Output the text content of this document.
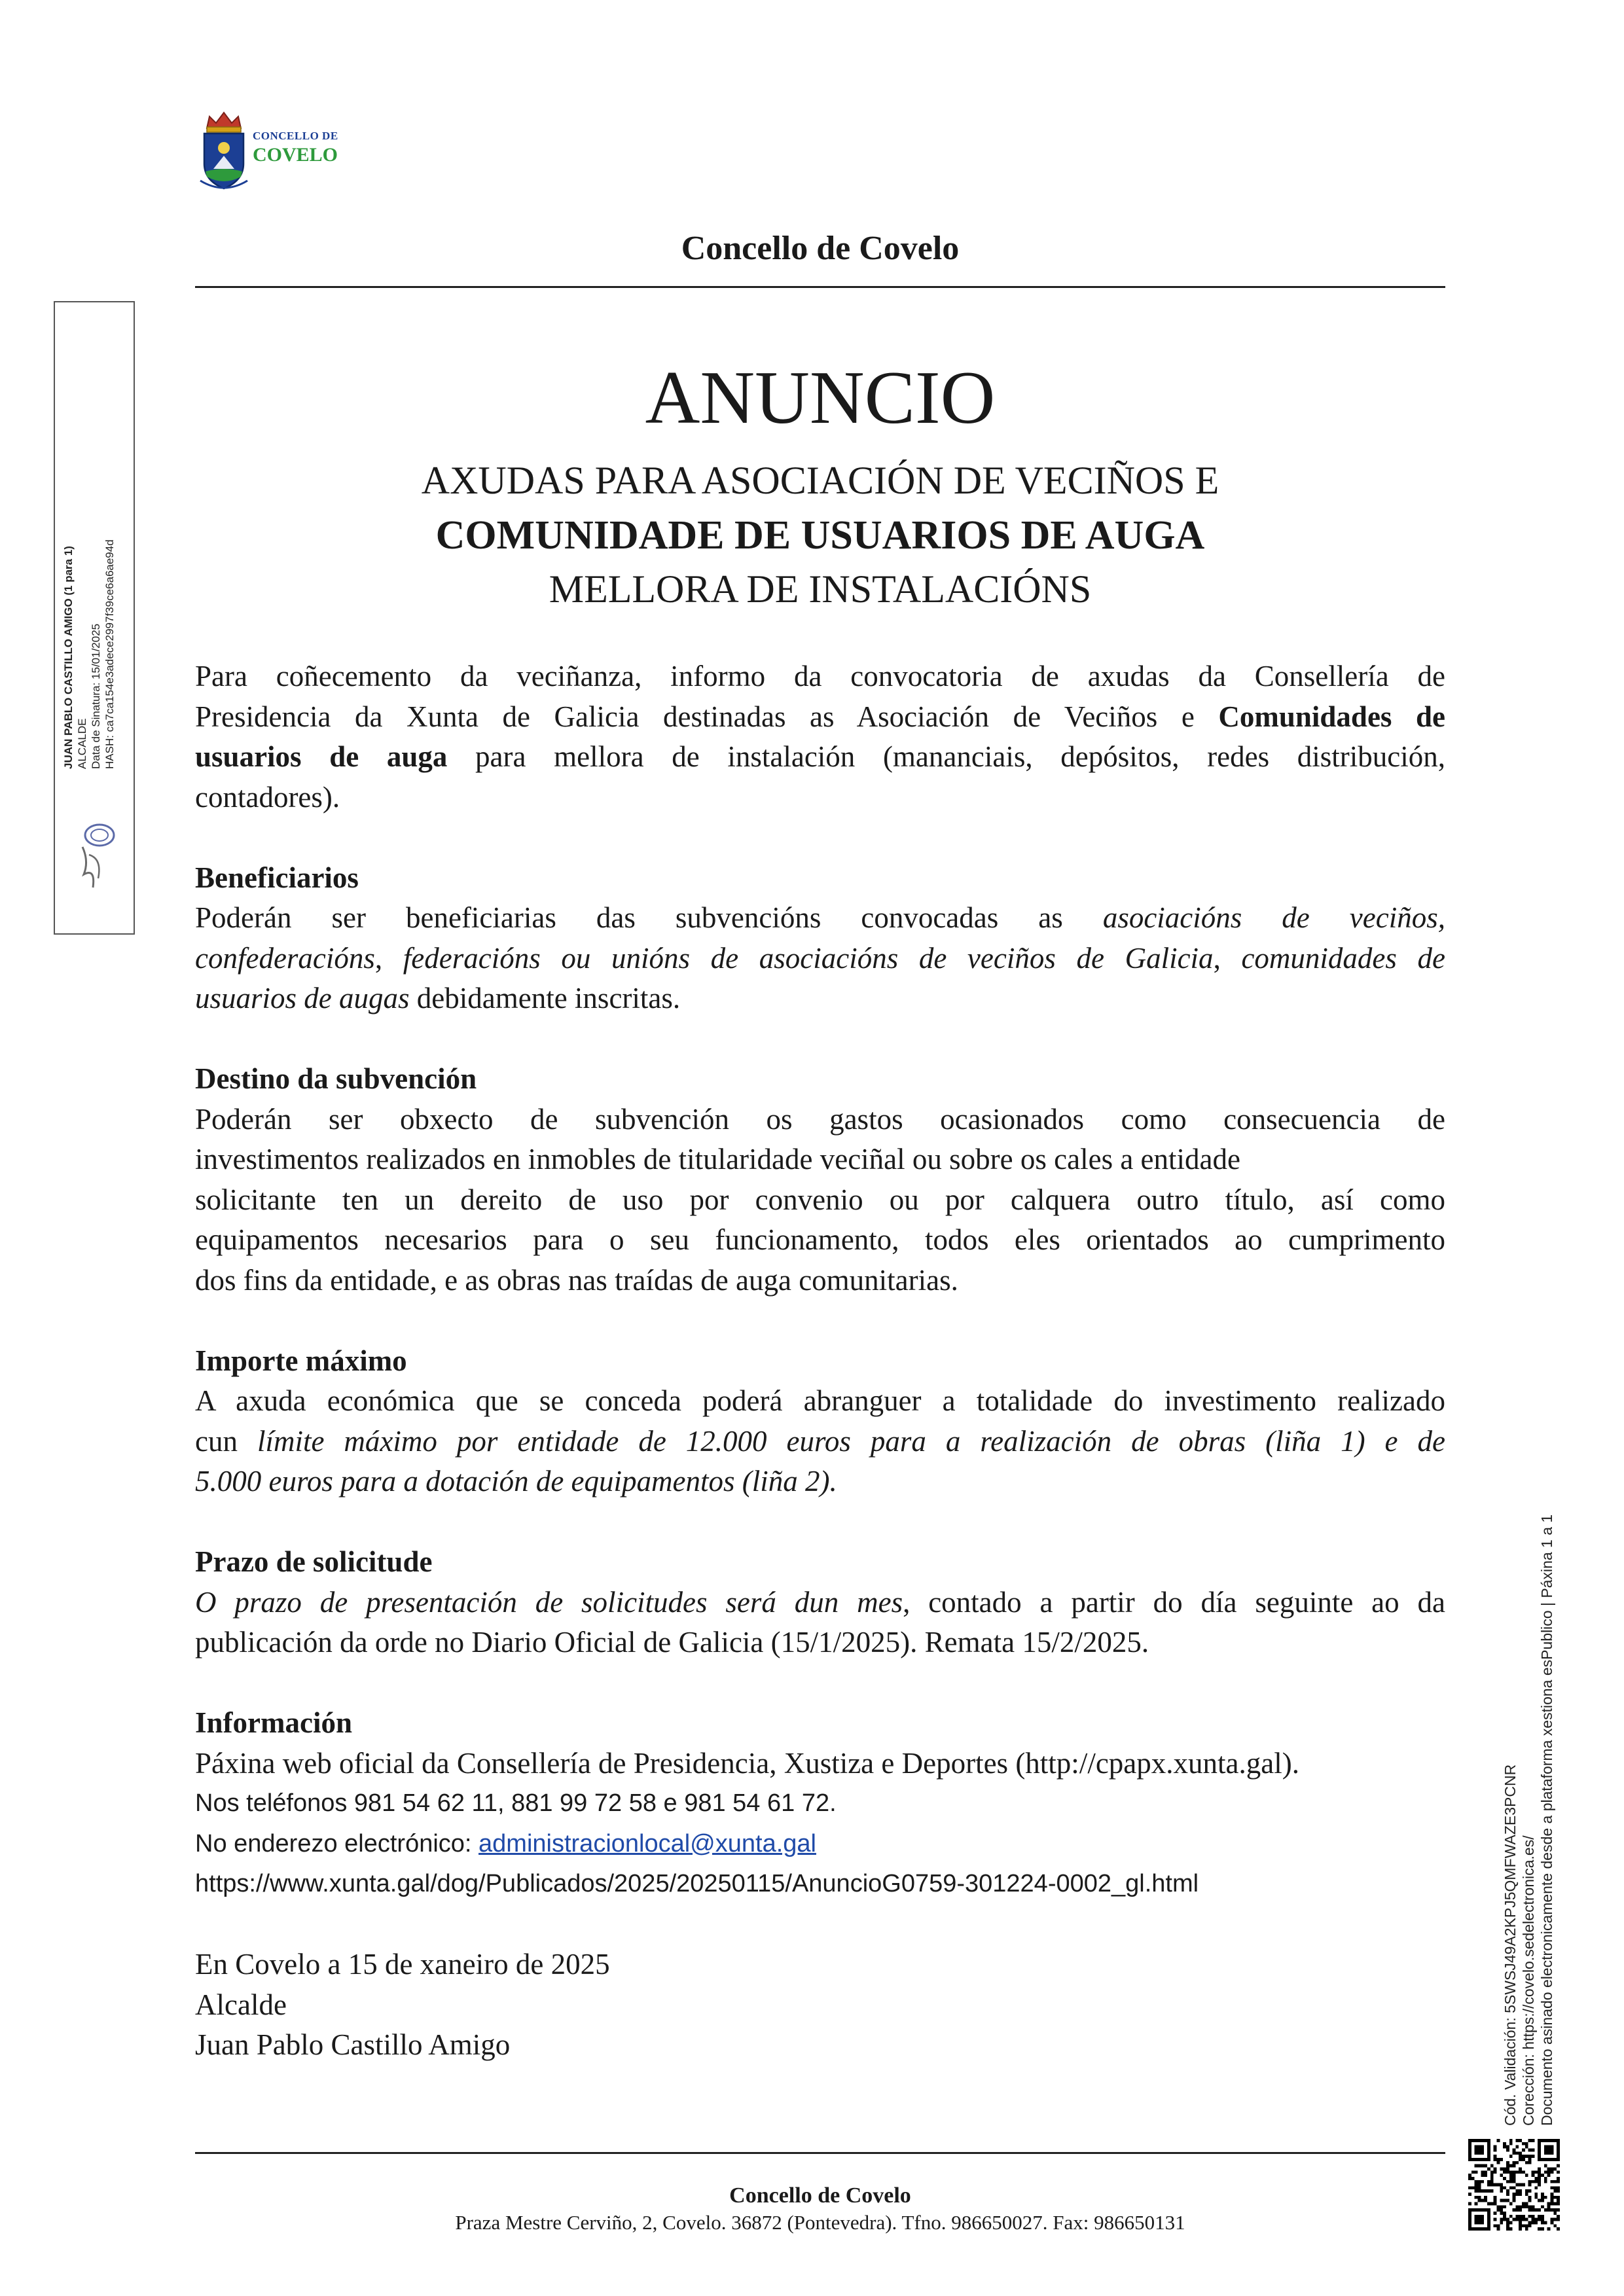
CONCELLO DE
COVELO
Concello de Covelo
ANUNCIO
AXUDAS PARA ASOCIACIÓN DE VECIÑOS E
COMUNIDADE DE USUARIOS DE AUGA
MELLORA DE INSTALACIÓNS

Para coñecemento da veciñanza, informo da convocatoria de axudas da Consellería de

Presidencia da Xunta de Galicia destinadas as Asociación de Veciños e Comunidades de

usuarios de auga para mellora de instalación (mananciais, depósitos, redes distribución,

contadores).

Beneficiarios

Poderán ser beneficiarias das subvencións convocadas as asociacións de veciños,

confederacións, federacións ou unións de asociacións de veciños de Galicia, comunidades de

usuarios de augas debidamente inscritas.

Destino da subvención

Poderán ser obxecto de subvención os gastos ocasionados como consecuencia de

investimentos realizados en inmobles de titularidade veciñal ou sobre os cales a entidade

solicitante ten un dereito de uso por convenio ou por calquera outro título, así como

equipamentos necesarios para o seu funcionamento, todos eles orientados ao cumprimento

dos fins da entidade, e as obras nas traídas de auga comunitarias.

Importe máximo

A axuda económica que se conceda poderá abranguer a totalidade do investimento realizado

cun límite máximo por entidade de 12.000 euros para a realización de obras (liña 1) e de

5.000 euros para a dotación de equipamentos (liña 2).

Prazo de solicitude

O prazo de presentación de solicitudes será dun mes, contado a partir do día seguinte ao da

publicación da orde no Diario Oficial de Galicia (15/1/2025). Remata 15/2/2025.

Información

Páxina web oficial da Consellería de Presidencia, Xustiza e Deportes (http://cpapx.xunta.gal).

Nos teléfonos 981 54 62 11, 881 99 72 58 e 981 54 61 72.

No enderezo electrónico: administracionlocal@xunta.gal

https://www.xunta.gal/dog/Publicados/2025/20250115/AnuncioG0759-301224-0002_gl.html

En Covelo a 15 de xaneiro de 2025

Alcalde

Juan Pablo Castillo Amigo

Concello de Covelo
Praza Mestre Cerviño, 2, Covelo. 36872 (Pontevedra). Tfno. 986650027. Fax: 986650131
JUAN PABLO CASTILLO AMIGO (1 para 1) ALCALDE Data de Sinatura: 15/01/2025 HASH: ca7ca154e3adece2997f39ce6a6ae94d
Cód. Validación: 5SWSJ49A2KPJ5QMFWAZE3PCNR Corección: https://covelo.sedelectronica.es/ Documento asinado electronicamente desde a plataforma xestiona esPublico | Páxina 1 a 1
